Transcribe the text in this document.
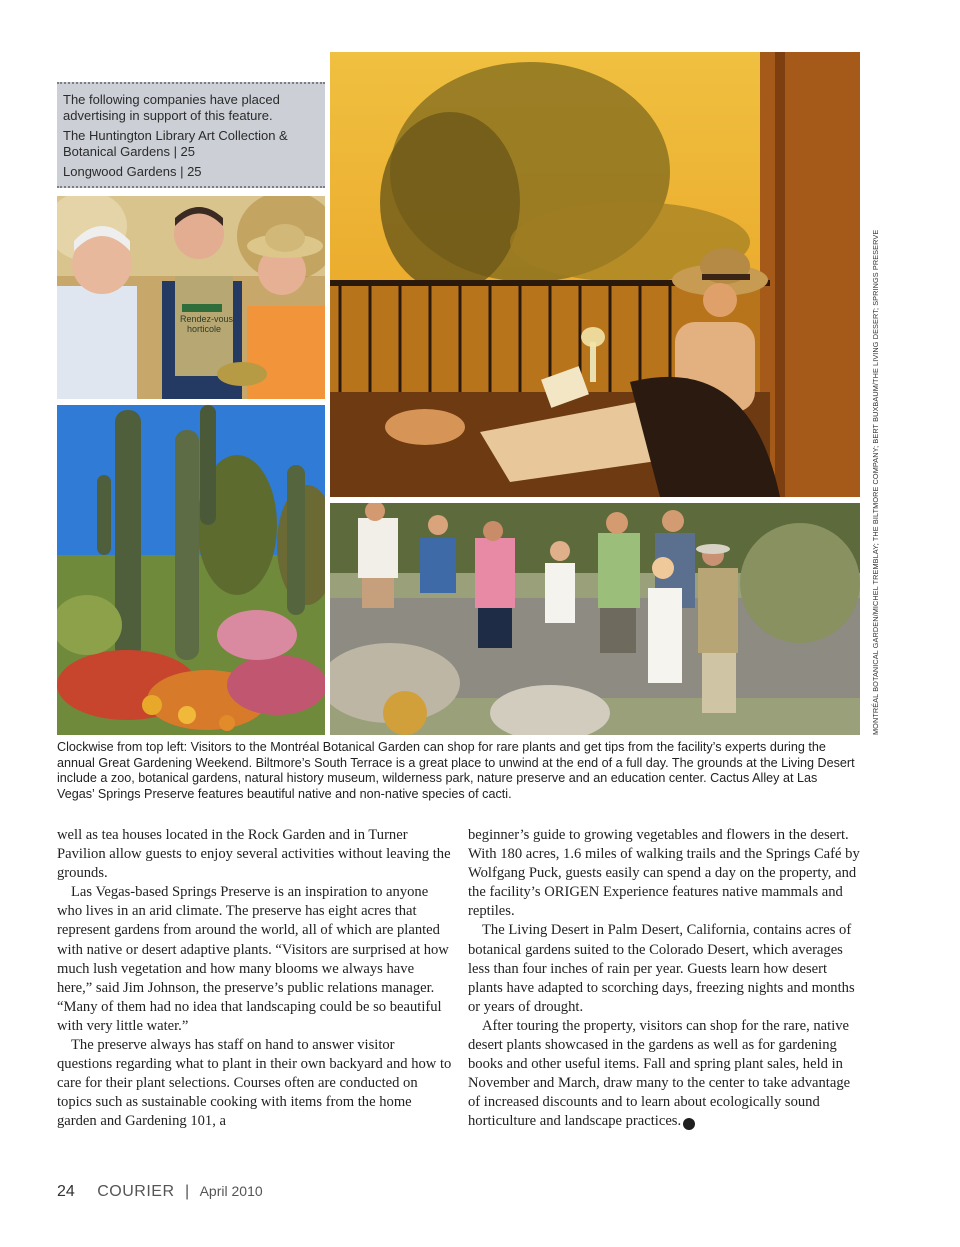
The following companies have placed advertising in support of this feature.

The Huntington Library Art Collection & Botanical Gardens | 25

Longwood Gardens | 25

Rendez-vous
horticole	MONTRÉAL BOTANICAL GARDEN/MICHEL TREMBLAY; THE BILTMORE COMPANY; BERT BUXBAUM/THE LIVING DESERT; SPRINGS PRESERVE
Clockwise from top left: Visitors to the Montréal Botanical Garden can shop for rare plants and get tips from the facility’s experts during the annual Great Gardening Weekend. Biltmore’s South Terrace is a great place to unwind at the end of a full day. The grounds at the Living Desert include a zoo, botanical gardens, natural history museum, wilderness park, nature preserve and an education center. Cactus Alley at Las Vegas’ Springs Preserve features beautiful native and non-native species of cacti.

well as tea houses located in the Rock Garden and in Turner Pavilion allow guests to enjoy several activities without leaving the grounds.

Las Vegas-based Springs Preserve is an inspiration to anyone who lives in an arid climate. The preserve has eight acres that represent gardens from around the world, all of which are planted with native or desert adaptive plants. “Visitors are surprised at how much lush vegetation and how many blooms we always have here,” said Jim Johnson, the preserve’s public relations manager. “Many of them had no idea that landscaping could be so beautiful with very little water.”

The preserve always has staff on hand to answer visitor questions regarding what to plant in their own backyard and how to care for their plant selections. Courses often are conducted on topics such as sustainable cooking with items from the home garden and Gardening 101, a

beginner’s guide to growing vegetables and flowers in the desert. With 180 acres, 1.6 miles of walking trails and the Springs Café by Wolfgang Puck, guests easily can spend a day on the property, and the facility’s ORIGEN Experience features native mammals and reptiles.

The Living Desert in Palm Desert, California, contains acres of botanical gardens suited to the Colorado Desert, which averages less than four inches of rain per year. Guests learn how desert plants have adapted to scorching days, freezing nights and months or years of drought.

After touring the property, visitors can shop for the rare, native desert plants showcased in the gardens as well as for gardening books and other useful items. Fall and spring plant sales, held in November and March, draw many to the center to take advantage of increased discounts and to learn about ecologically sound horticulture and landscape practices. C

24 COURIER | April 2010
